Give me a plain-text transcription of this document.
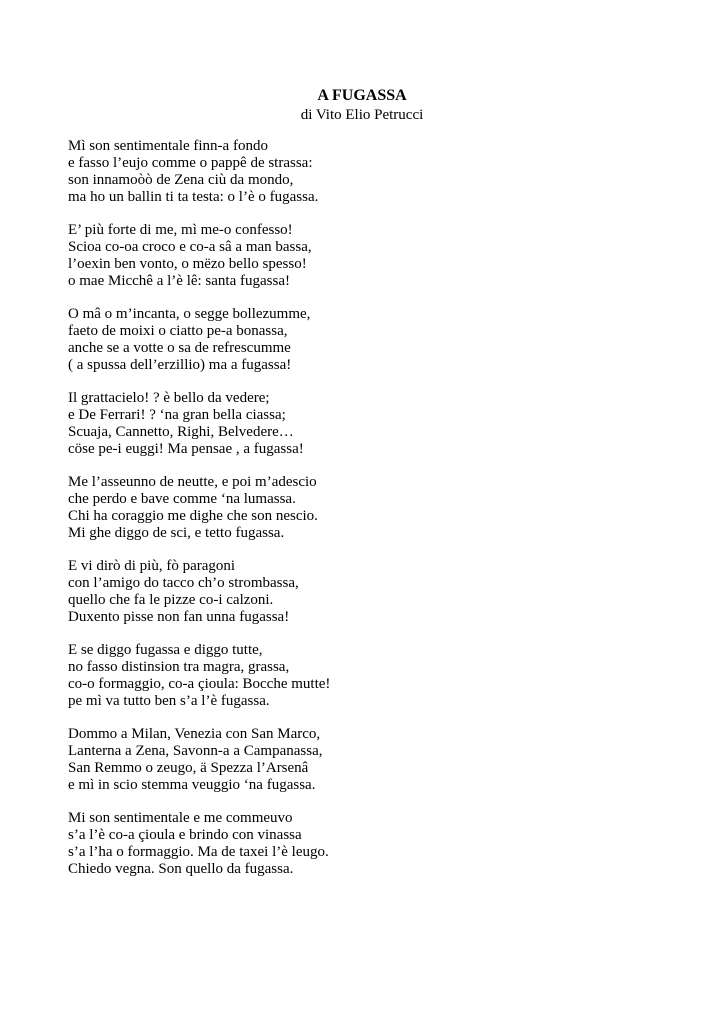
A FUGASSA
di Vito Elio Petrucci
Mì son sentimentale finn-a fondo
e fasso l’eujo comme o pappê de strassa:
son innamoòò de Zena ciù da mondo,
ma ho un ballin ti ta testa: o l’è o fugassa.
E’ più forte di me, mì me-o confesso!
Scioa co-oa croco e co-a sâ a man bassa,
l’oexin ben vonto, o mëzo bello spesso!
o mae Micchê a l’è lê: santa fugassa!
O mâ o m’incanta, o segge bollezumme,
faeto de moixi o ciatto pe-a bonassa,
anche se a votte o sa de refrescumme
( a spussa dell’erzillio) ma a fugassa!
Il grattacielo! ? è bello da vedere;
e De Ferrari! ? ‘na gran bella ciassa;
Scuaja, Cannetto, Righi, Belvedere…
cöse pe-i euggi! Ma pensae , a fugassa!
Me l’asseunno de neutte, e poi m’adescio
che perdo e bave comme ‘na lumassa.
Chi ha coraggio me dighe che son nescio.
Mi ghe diggo de sci, e tetto fugassa.
E vi dirò di più, fò paragoni
con l’amigo do tacco ch’o strombassa,
quello che fa le pizze co-i calzoni.
Duxento pisse non fan unna fugassa!
E se diggo fugassa e diggo tutte,
no fasso distinsion tra magra, grassa,
co-o formaggio, co-a çioula: Bocche mutte!
pe mì va tutto ben s’a l’è fugassa.
Dommo a Milan, Venezia con San Marco,
Lanterna a Zena, Savonn-a a Campanassa,
San Remmo o zeugo, ä Spezza l’Arsenâ
e mì in scio stemma veuggio ‘na fugassa.
Mi son sentimentale e me commeuvo
s’a l’è co-a çioula e brindo con vinassa
s’a l’ha o formaggio. Ma de taxei l’è leugo.
Chiedo vegna. Son quello da fugassa.
